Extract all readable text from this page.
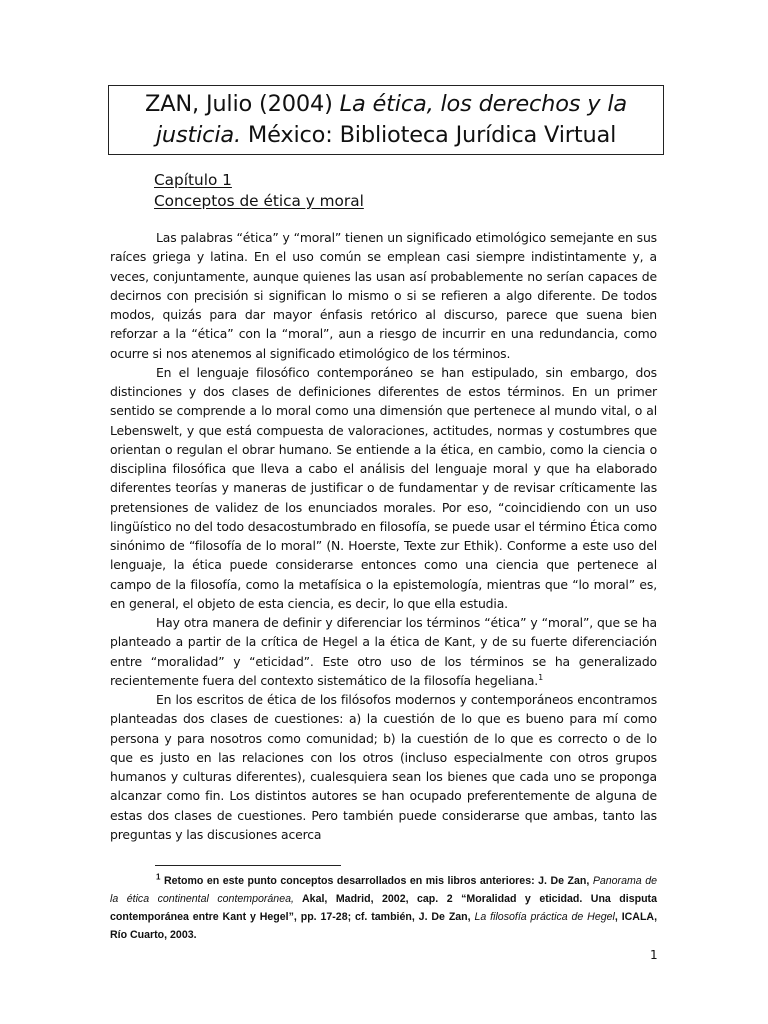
ZAN, Julio (2004) La ética, los derechos y la justicia. México: Biblioteca Jurídica Virtual
Capítulo 1
Conceptos de ética y moral

Las palabras “ética” y “moral” tienen un significado etimológico semejante en sus raíces griega y latina. En el uso común se emplean casi siempre indistintamente y, a veces, conjuntamente, aunque quienes las usan así probablemente no serían capaces de decirnos con precisión si significan lo mismo o si se refieren a algo diferente. De todos modos, quizás para dar mayor énfasis retórico al discurso, parece que suena bien reforzar a la “ética” con la “moral”, aun a riesgo de incurrir en una redundancia, como ocurre si nos atenemos al significado etimológico de los términos.

En el lenguaje filosófico contemporáneo se han estipulado, sin embargo, dos distinciones y dos clases de definiciones diferentes de estos términos. En un primer sentido se comprende a lo moral como una dimensión que pertenece al mundo vital, o al Lebenswelt, y que está compuesta de valoraciones, actitudes, normas y costumbres que orientan o regulan el obrar humano. Se entiende a la ética, en cambio, como la ciencia o disciplina filosófica que lleva a cabo el análisis del lenguaje moral y que ha elaborado diferentes teorías y maneras de justificar o de fundamentar y de revisar críticamente las pretensiones de validez de los enunciados morales. Por eso, “coincidiendo con un uso lingüístico no del todo desacostumbrado en filosofía, se puede usar el término Ética como sinónimo de “filosofía de lo moral” (N. Hoerste, Texte zur Ethik). Conforme a este uso del lenguaje, la ética puede considerarse entonces como una ciencia que pertenece al campo de la filosofía, como la metafísica o la epistemología, mientras que “lo moral” es, en general, el objeto de esta ciencia, es decir, lo que ella estudia.

Hay otra manera de definir y diferenciar los términos “ética” y “moral”, que se ha planteado a partir de la crítica de Hegel a la ética de Kant, y de su fuerte diferenciación entre “moralidad” y “eticidad”. Este otro uso de los términos se ha generalizado recientemente fuera del contexto sistemático de la filosofía hegeliana.$^1$

En los escritos de ética de los filósofos modernos y contemporáneos encontramos planteadas dos clases de cuestiones: a) la cuestión de lo que es bueno para mí como persona y para nosotros como comunidad; b) la cuestión de lo que es correcto o de lo que es justo en las relaciones con los otros (incluso especialmente con otros grupos humanos y culturas diferentes), cualesquiera sean los bienes que cada uno se proponga alcanzar como fin. Los distintos autores se han ocupado preferentemente de alguna de estas dos clases de cuestiones. Pero también puede considerarse que ambas, tanto las preguntas y las discusiones acerca

$^1$ Retomo en este punto conceptos desarrollados en mis libros anteriores: J. De Zan, Panorama de la ética continental contemporánea, Akal, Madrid, 2002, cap. 2 “Moralidad y eticidad. Una disputa contemporánea entre Kant y Hegel”, pp. 17-28; cf. también, J. De Zan, La filosofía práctica de Hegel, ICALA, Río Cuarto, 2003.

1
